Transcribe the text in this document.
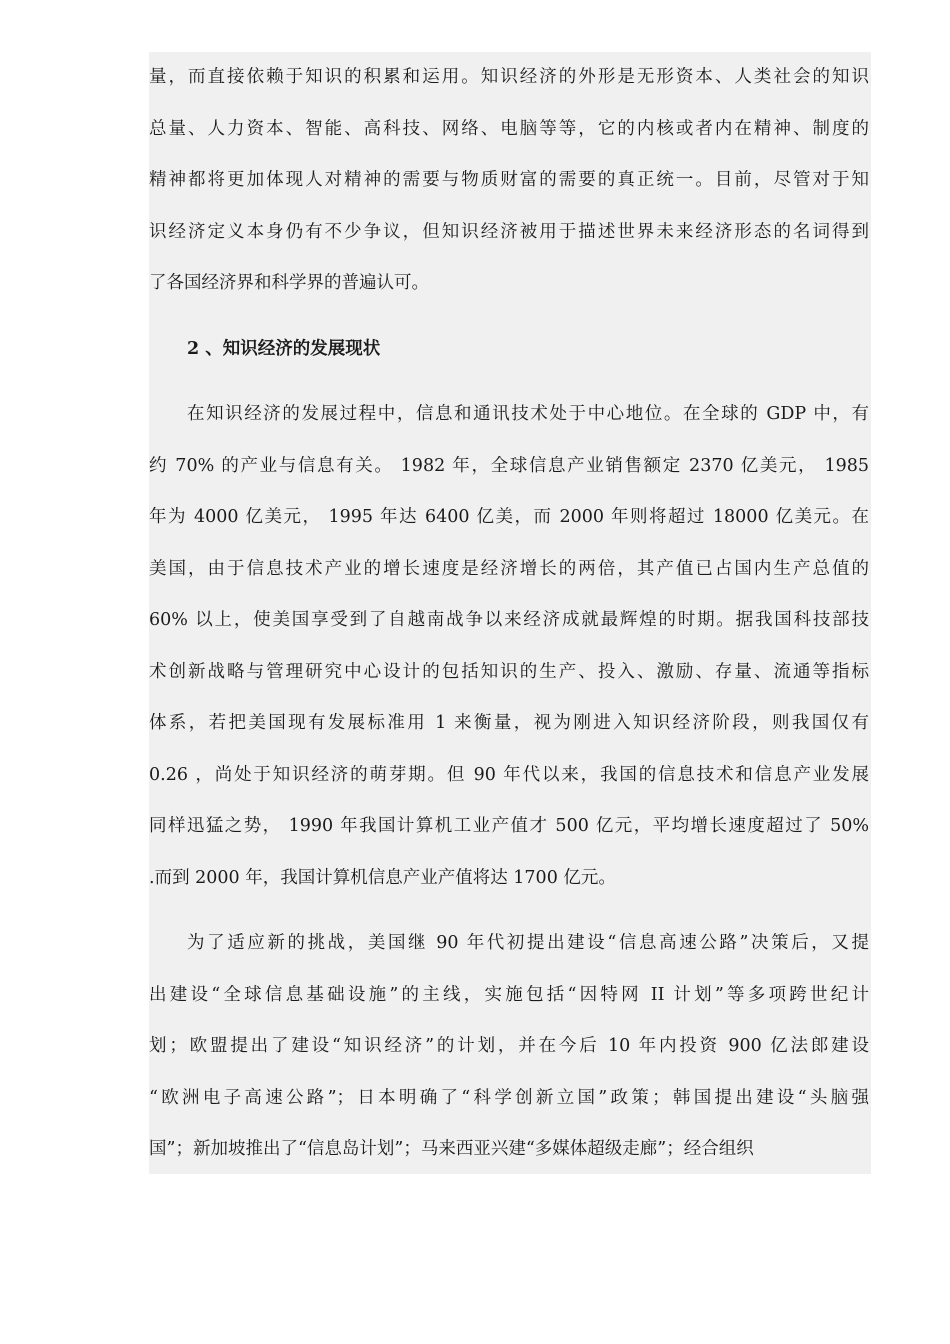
量，而直接依赖于知识的积累和运用。知识经济的外形是无形资本、人类社会的知识
总量、人力资本、智能、高科技、网络、电脑等等，它的内核或者内在精神、制度的
精神都将更加体现人对精神的需要与物质财富的需要的真正统一。目前，尽管对于知
识经济定义本身仍有不少争议，但知识经济被用于描述世界未来经济形态的名词得到
了各国经济界和科学界的普遍认可。
2 、知识经济的发展现状
在知识经济的发展过程中，信息和通讯技术处于中心地位。在全球的 GDP 中，有
约 70% 的产业与信息有关。 1982 年，全球信息产业销售额定 2370 亿美元， 1985
年为 4000 亿美元， 1995 年达 6400 亿美，而 2000 年则将超过 18000 亿美元。在
美国，由于信息技术产业的增长速度是经济增长的两倍，其产值已占国内生产总值的
60% 以上，使美国享受到了自越南战争以来经济成就最辉煌的时期。据我国科技部技
术创新战略与管理研究中心设计的包括知识的生产、投入、激励、存量、流通等指标
体系，若把美国现有发展标准用 1 来衡量，视为刚进入知识经济阶段，则我国仅有
0.26 ，尚处于知识经济的萌芽期。但 90 年代以来，我国的信息技术和信息产业发展
同样迅猛之势， 1990 年我国计算机工业产值才 500 亿元，平均增长速度超过了 50%
.而到 2000 年，我国计算机信息产业产值将达 1700 亿元。
为了适应新的挑战，美国继 90 年代初提出建设“信息高速公路”决策后，又提
出建设“全球信息基础设施”的主线，实施包括“因特网 II 计划”等多项跨世纪计
划；欧盟提出了建设“知识经济”的计划，并在今后 10 年内投资 900 亿法郎建设
“欧洲电子高速公路”；日本明确了“科学创新立国”政策；韩国提出建设“头脑强
国”；新加坡推出了“信息岛计划”；马来西亚兴建“多媒体超级走廊”；经合组织
